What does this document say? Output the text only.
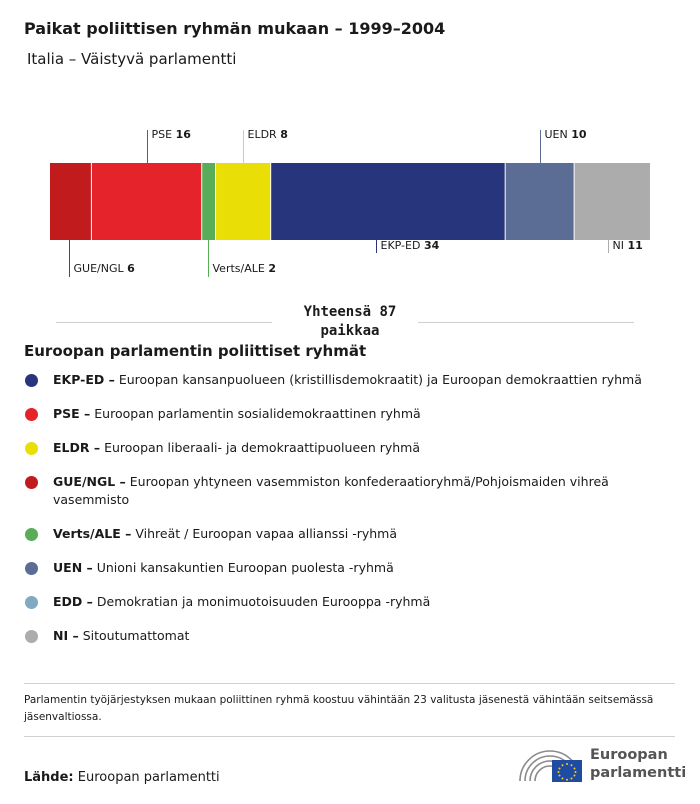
Paikat poliittisen ryhmän mukaan – 1999–2004
Italia – Väistyvä parlamentti
GUE/NGL 6
PSE 16
Verts/ALE 2
ELDR 8
EKP-ED 34
UEN 10
NI 11
Yhteensä 87 paikkaa
Euroopan parlamentin poliittiset ryhmät
EKP-ED – Euroopan kansanpuolueen (kristillisdemokraatit) ja Euroopan demokraattien ryhmä
PSE – Euroopan parlamentin sosialidemokraattinen ryhmä
ELDR – Euroopan liberaali- ja demokraattipuolueen ryhmä
GUE/NGL – Euroopan yhtyneen vasemmiston konfederaatioryhmä/Pohjoismaiden vihreä vasemmisto
Verts/ALE – Vihreät / Euroopan vapaa allianssi -ryhmä
UEN – Unioni kansakuntien Euroopan puolesta -ryhmä
EDD – Demokratian ja monimuotoisuuden Eurooppa -ryhmä
NI – Sitoutumattomat
Parlamentin työjärjestyksen mukaan poliittinen ryhmä koostuu vähintään 23 valitusta jäsenestä vähintään seitsemässä jäsenvaltiossa.
Lähde: Euroopan parlamentti
Euroopan
parlamentti
